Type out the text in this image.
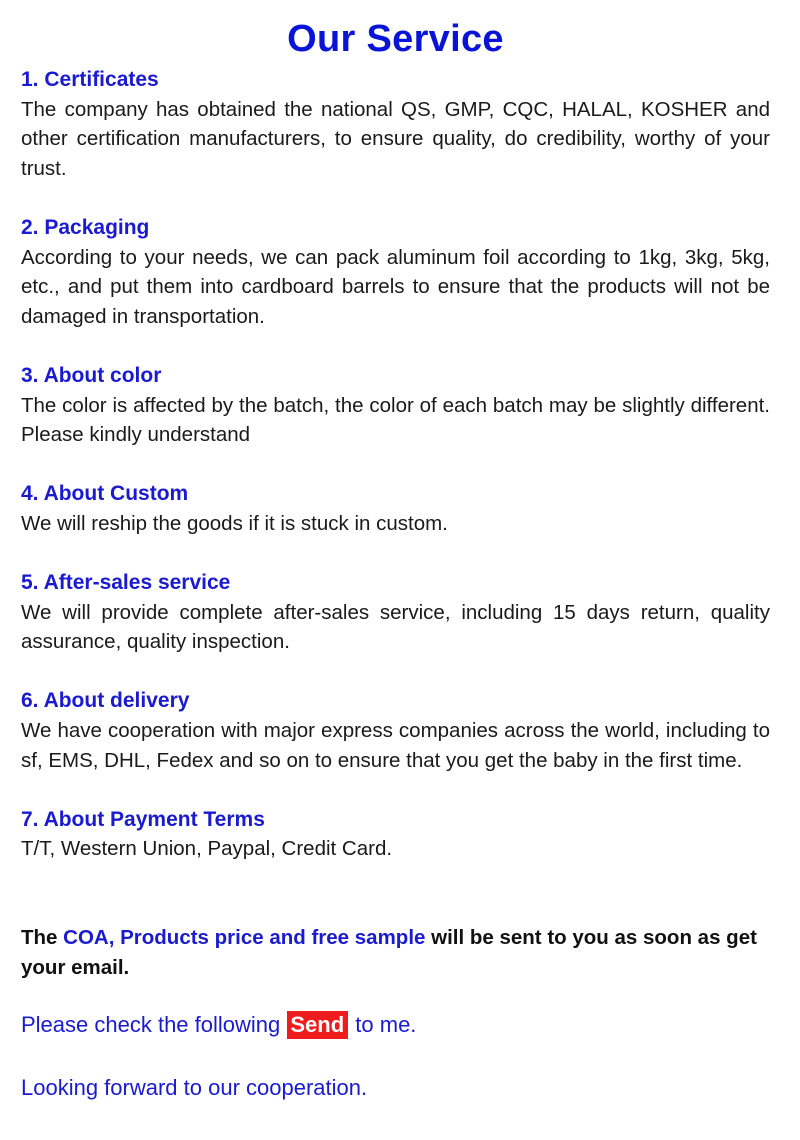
Our Service
1. Certificates
The company has obtained the national QS, GMP, CQC, HALAL, KOSHER and other certification manufacturers, to ensure quality, do credibility, worthy of your trust.
2. Packaging
According to your needs, we can pack aluminum foil according to 1kg, 3kg, 5kg, etc., and put them into cardboard barrels to ensure that the products will not be damaged in transportation.
3. About color
The color is affected by the batch, the color of each batch may be slightly different. Please kindly understand
4. About Custom
We will reship the goods if it is stuck in custom.
5. After-sales service
We will provide complete after-sales service, including 15 days return, quality assurance, quality inspection.
6. About delivery
We have cooperation with major express companies across the world, including to sf, EMS, DHL, Fedex and so on to ensure that you get the baby in the first time.
7. About Payment Terms
T/T, Western Union, Paypal, Credit Card.
The COA, Products price and free sample will be sent to you as soon as get your email.
Please check the following Send to me.
Looking forward to our cooperation.
